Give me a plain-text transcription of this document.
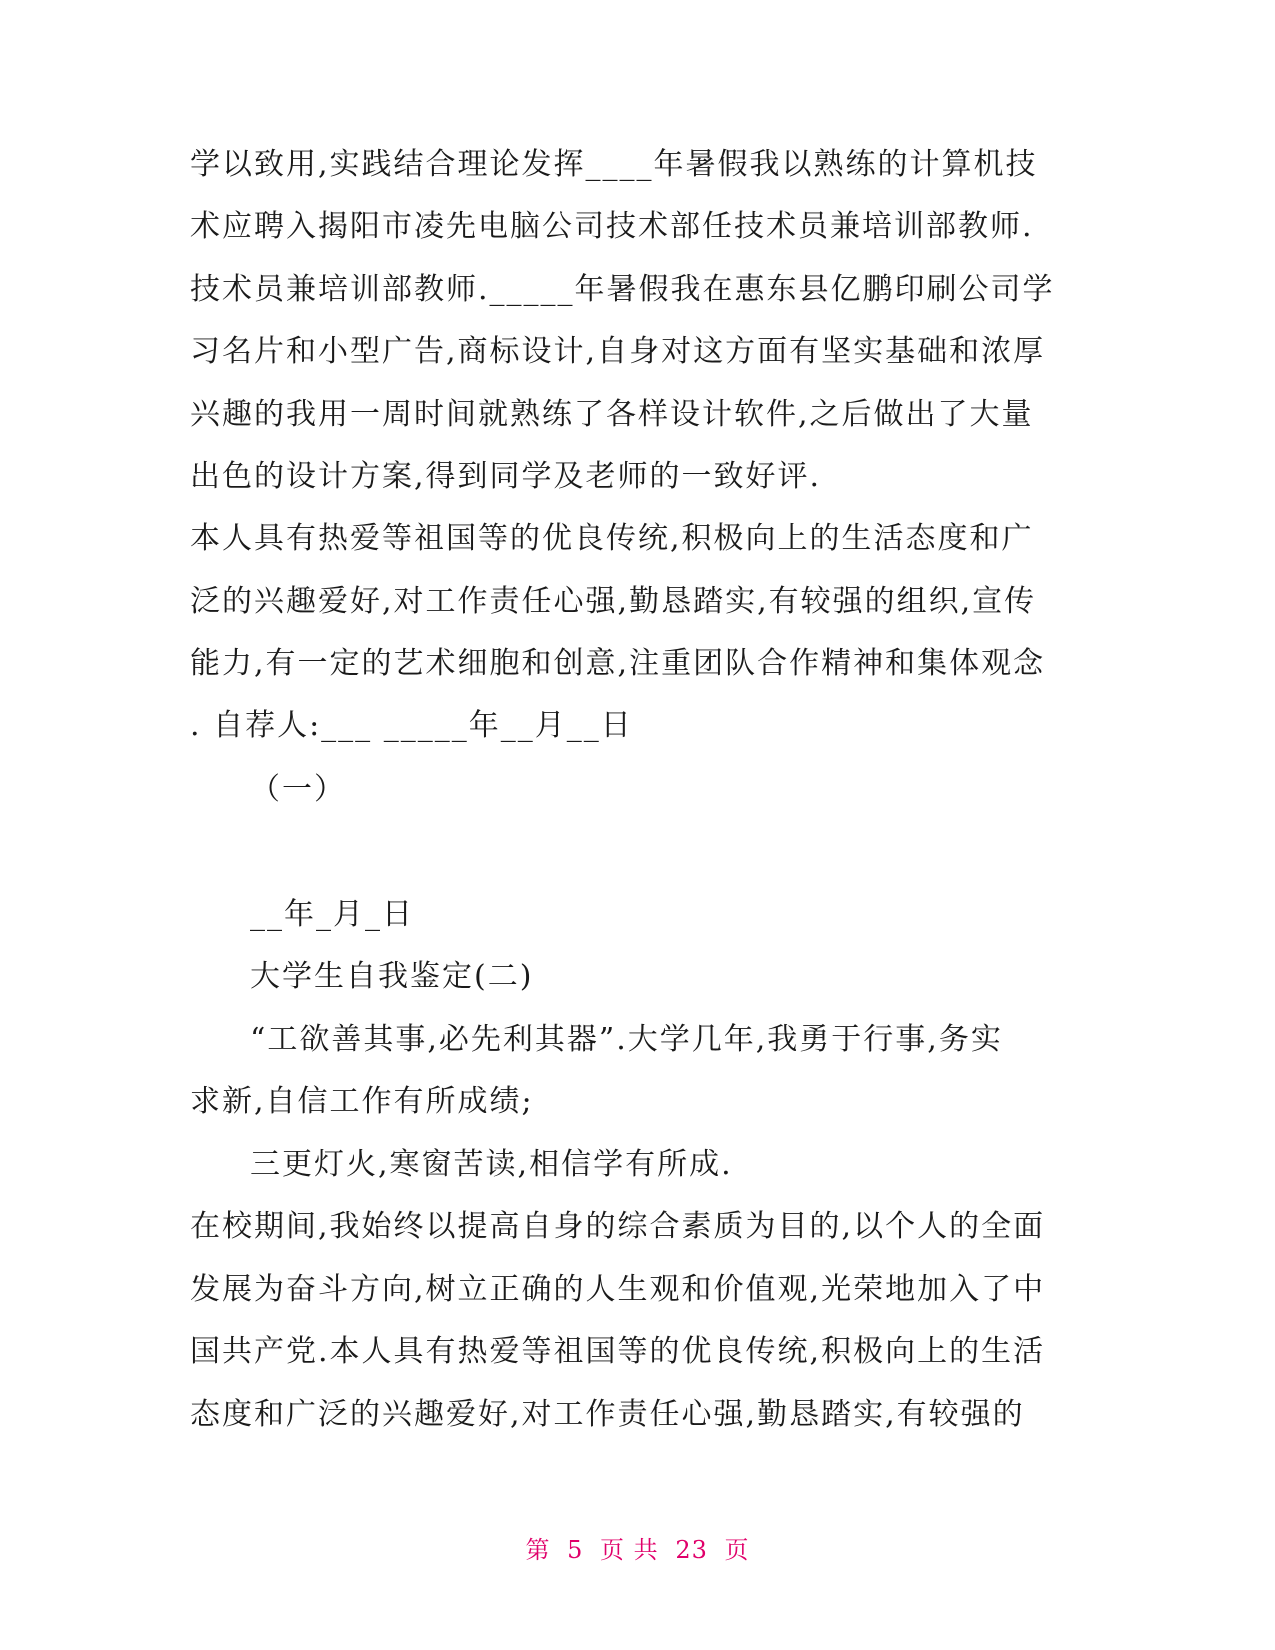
学以致用,实践结合理论发挥____年暑假我以熟练的计算机技
术应聘入揭阳市凌先电脑公司技术部任技术员兼培训部教师.
技术员兼培训部教师._____年暑假我在惠东县亿鹏印刷公司学
习名片和小型广告,商标设计,自身对这方面有坚实基础和浓厚
兴趣的我用一周时间就熟练了各样设计软件,之后做出了大量
出色的设计方案,得到同学及老师的一致好评.
本人具有热爱等祖国等的优良传统,积极向上的生活态度和广
泛的兴趣爱好,对工作责任心强,勤恳踏实,有较强的组织,宣传
能力,有一定的艺术细胞和创意,注重团队合作精神和集体观念
. 自荐人:___ _____年__月__日
（一）
__年_月_日
大学生自我鉴定(二)
“工欲善其事,必先利其器”.大学几年,我勇于行事,务实
求新,自信工作有所成绩;
三更灯火,寒窗苦读,相信学有所成.
在校期间,我始终以提高自身的综合素质为目的,以个人的全面
发展为奋斗方向,树立正确的人生观和价值观,光荣地加入了中
国共产党.本人具有热爱等祖国等的优良传统,积极向上的生活
态度和广泛的兴趣爱好,对工作责任心强,勤恳踏实,有较强的
第 5 页 共 23 页
